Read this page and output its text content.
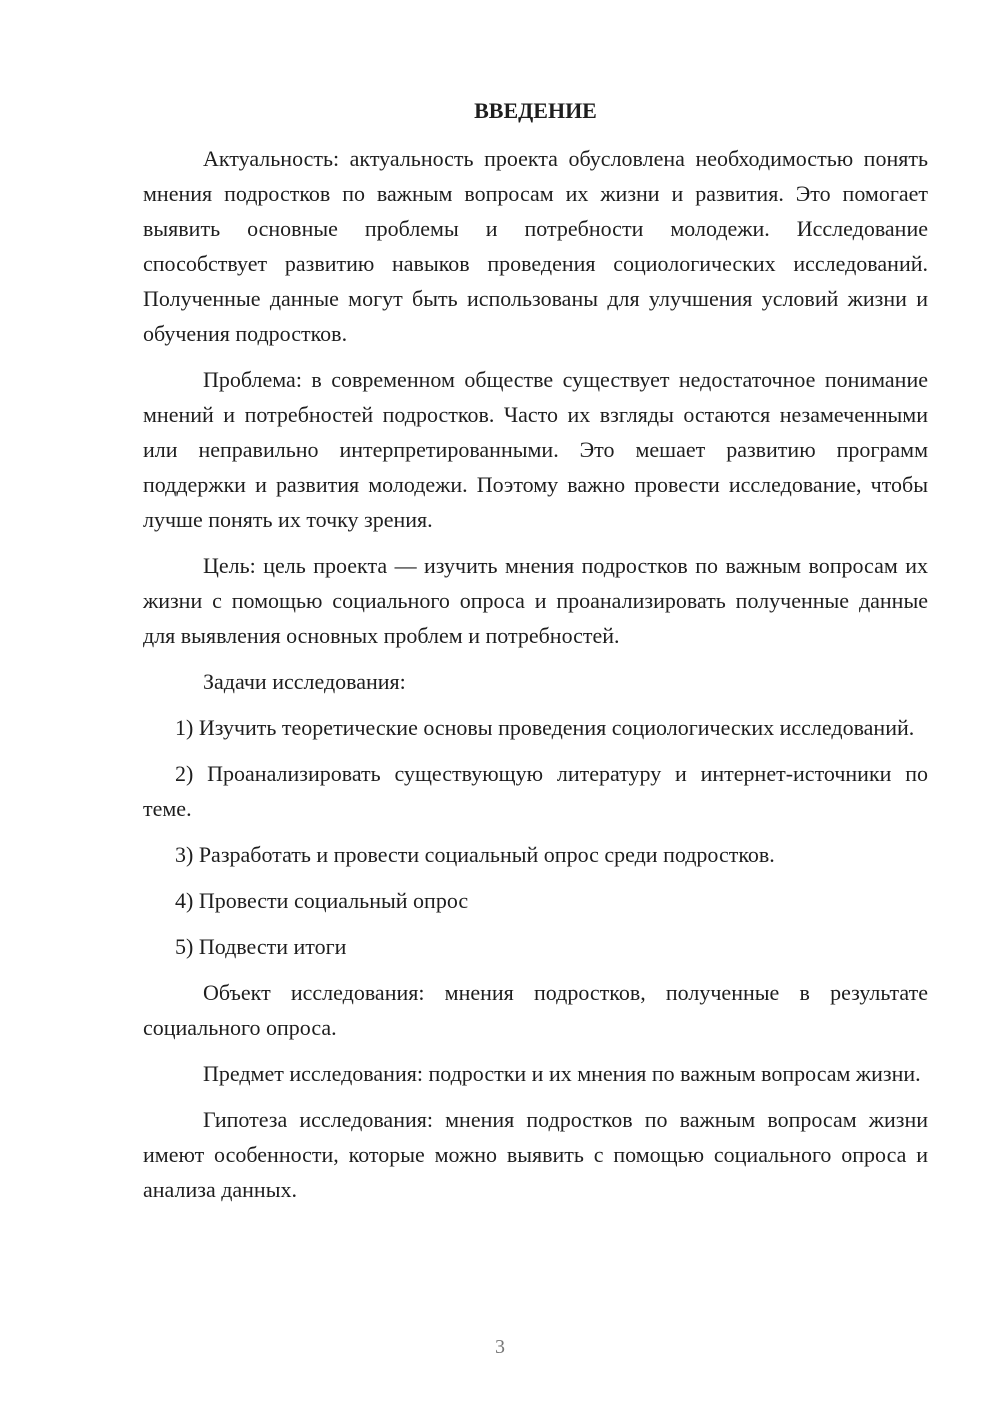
ВВЕДЕНИЕ

Актуальность: актуальность проекта обусловлена необходимостью понять мнения подростков по важным вопросам их жизни и развития. Это помогает выявить основные проблемы и потребности молодежи. Исследование способствует развитию навыков проведения социологических исследований. Полученные данные могут быть использованы для улучшения условий жизни и обучения подростков.

Проблема: в современном обществе существует недостаточное понимание мнений и потребностей подростков. Часто их взгляды остаются незамеченными или неправильно интерпретированными. Это мешает развитию программ поддержки и развития молодежи. Поэтому важно провести исследование, чтобы лучше понять их точку зрения.

Цель: цель проекта — изучить мнения подростков по важным вопросам их жизни с помощью социального опроса и проанализировать полученные данные для выявления основных проблем и потребностей.

Задачи исследования:

1) Изучить теоретические основы проведения социологических исследований.

2) Проанализировать существующую литературу и интернет-источники по теме.

3) Разработать и провести социальный опрос среди подростков.

4) Провести социальный опрос

5) Подвести итоги

Объект исследования: мнения подростков, полученные в результате социального опроса.

Предмет исследования: подростки и их мнения по важным вопросам жизни.

Гипотеза исследования: мнения подростков по важным вопросам жизни имеют особенности, которые можно выявить с помощью социального опроса и анализа данных.

3
